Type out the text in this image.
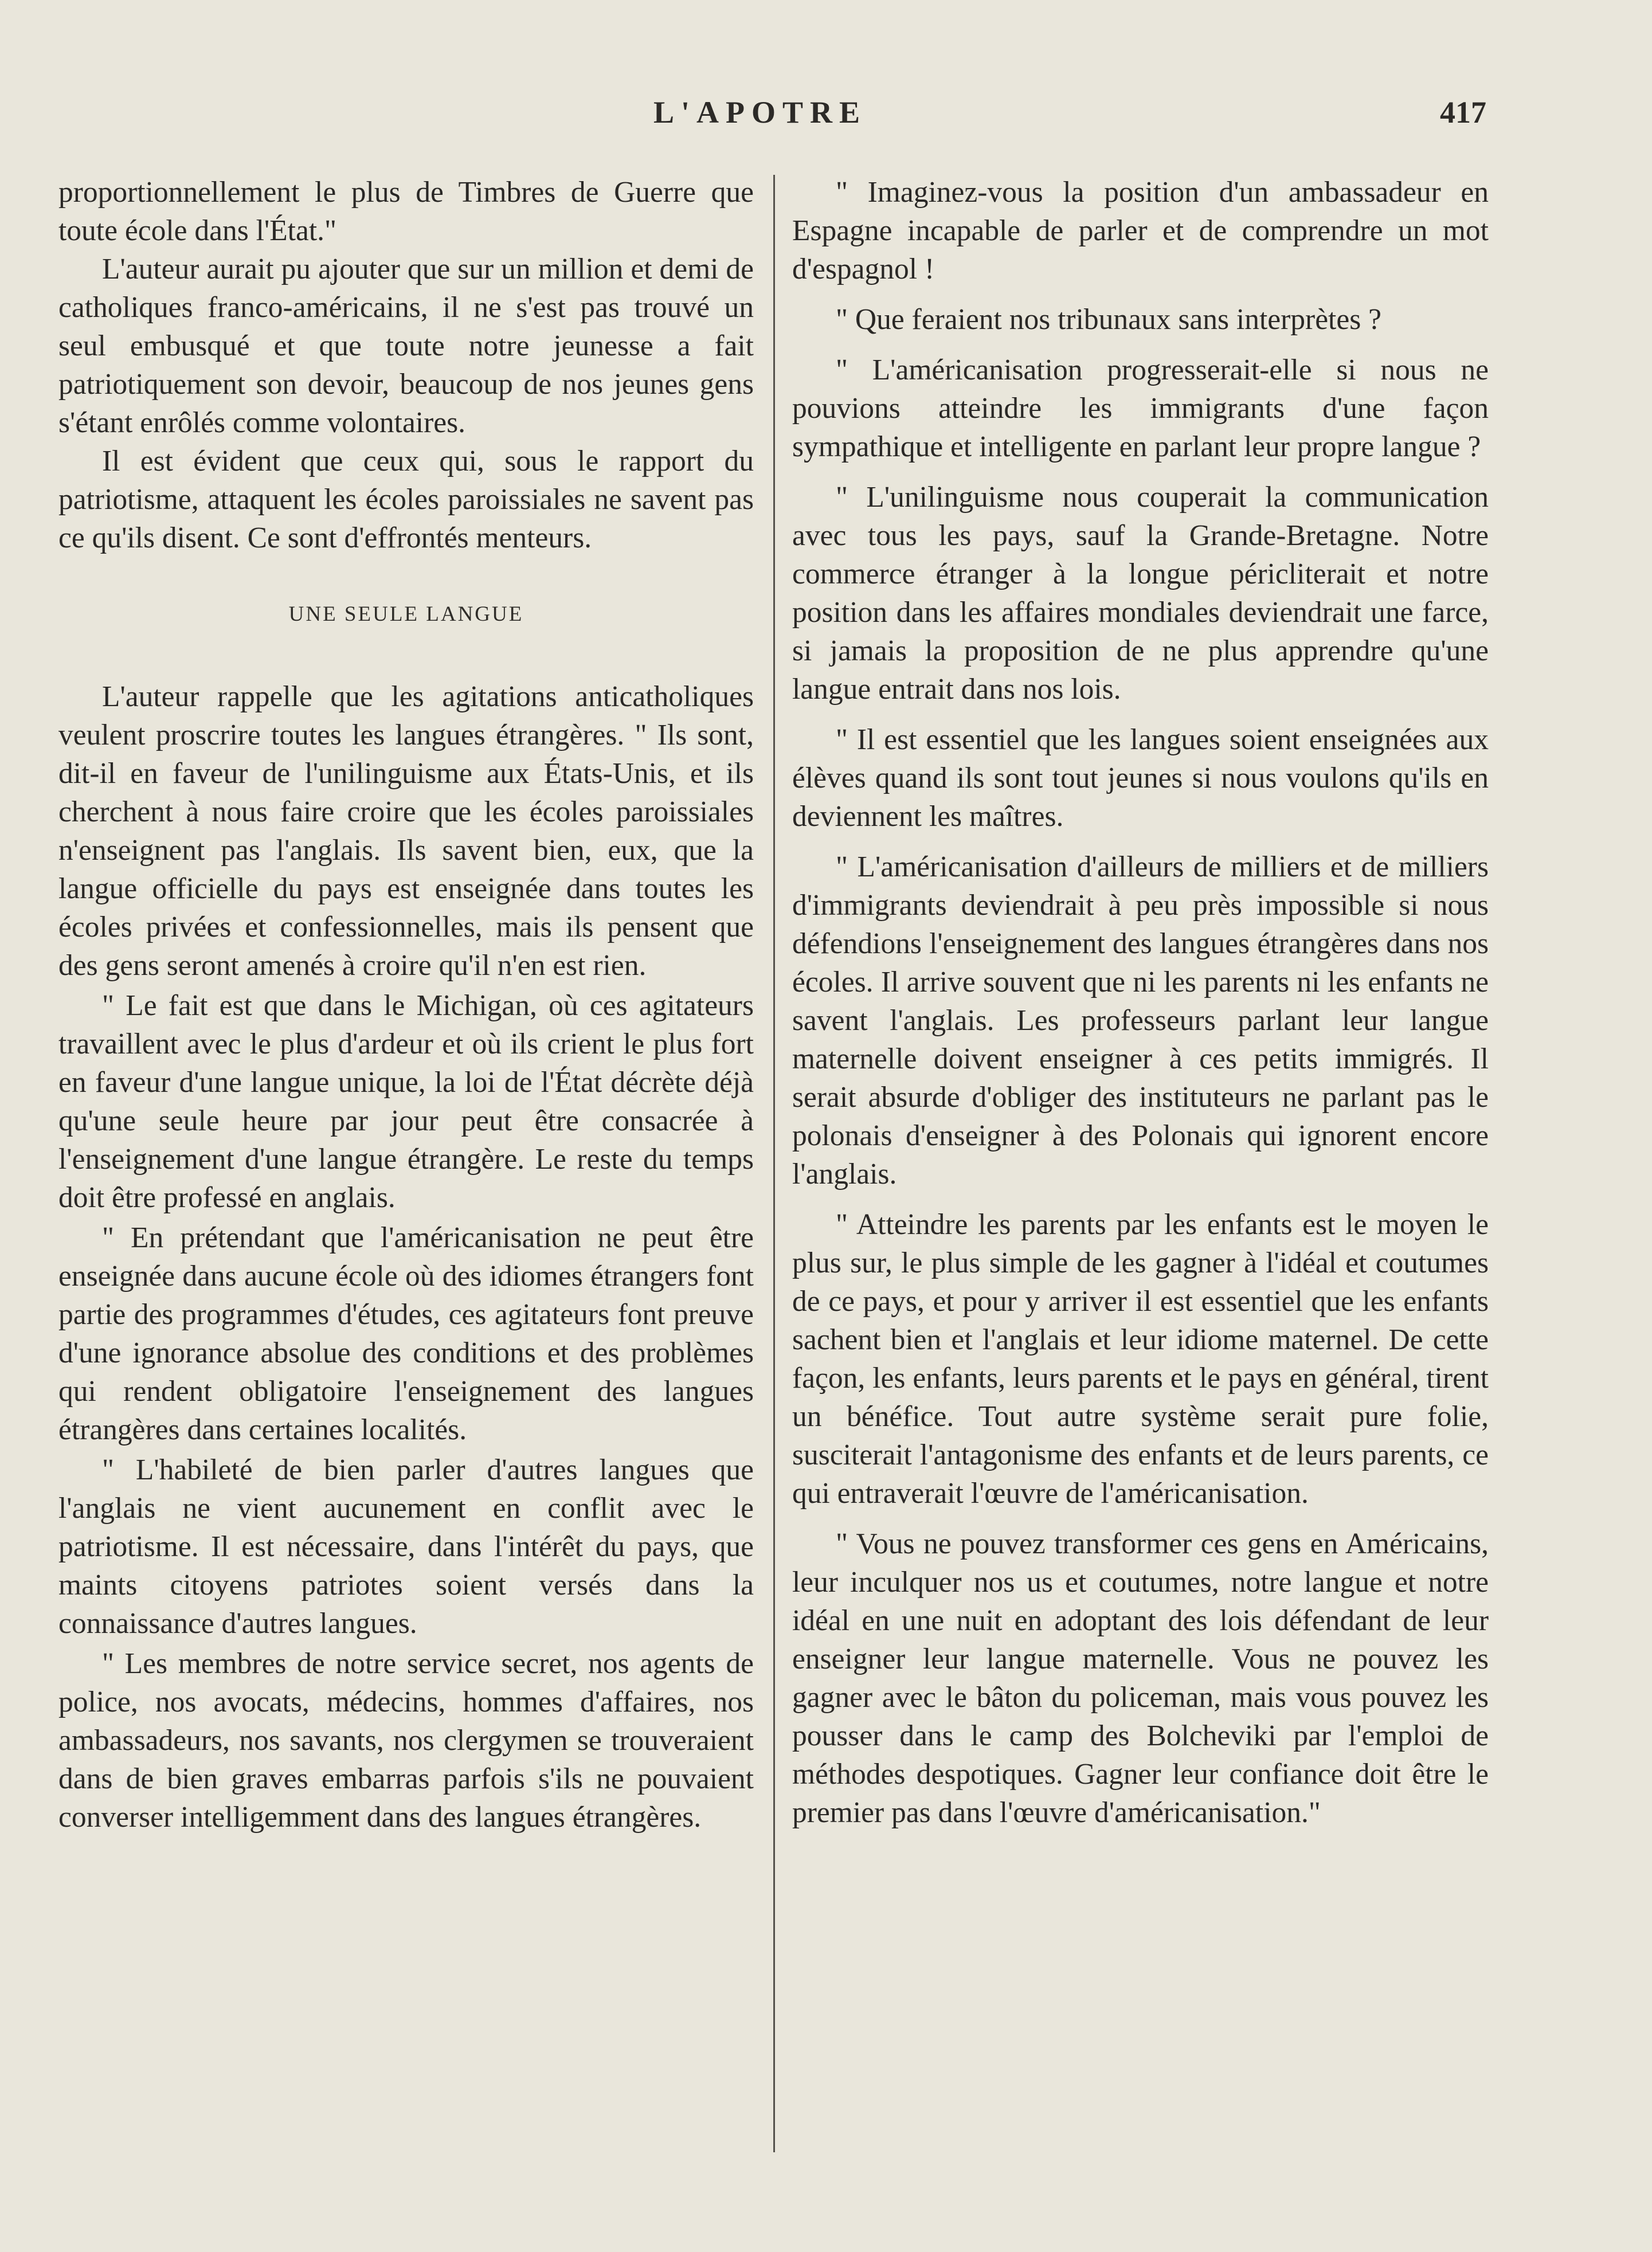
L'APOTRE	417

proportionnellement le plus de Timbres de Guerre que toute école dans l'État."

L'auteur aurait pu ajouter que sur un million et demi de catholiques franco-américains, il ne s'est pas trouvé un seul embusqué et que toute notre jeunesse a fait patriotiquement son devoir, beaucoup de nos jeunes gens s'étant enrôlés comme volontaires.

Il est évident que ceux qui, sous le rapport du patriotisme, attaquent les écoles paroissiales ne savent pas ce qu'ils disent. Ce sont d'effrontés menteurs.

UNE SEULE LANGUE

L'auteur rappelle que les agitations anticatholiques veulent proscrire toutes les langues étrangères. " Ils sont, dit-il en faveur de l'unilinguisme aux États-Unis, et ils cherchent à nous faire croire que les écoles paroissiales n'enseignent pas l'anglais. Ils savent bien, eux, que la langue officielle du pays est enseignée dans toutes les écoles privées et confessionnelles, mais ils pensent que des gens seront amenés à croire qu'il n'en est rien.

" Le fait est que dans le Michigan, où ces agitateurs travaillent avec le plus d'ardeur et où ils crient le plus fort en faveur d'une langue unique, la loi de l'État décrète déjà qu'une seule heure par jour peut être consacrée à l'enseignement d'une langue étrangère. Le reste du temps doit être professé en anglais.

" En prétendant que l'américanisation ne peut être enseignée dans aucune école où des idiomes étrangers font partie des programmes d'études, ces agitateurs font preuve d'une ignorance absolue des conditions et des problèmes qui rendent obligatoire l'enseignement des langues étrangères dans certaines localités.

" L'habileté de bien parler d'autres langues que l'anglais ne vient aucunement en conflit avec le patriotisme. Il est nécessaire, dans l'intérêt du pays, que maints citoyens patriotes soient versés dans la connaissance d'autres langues.

" Les membres de notre service secret, nos agents de police, nos avocats, médecins, hommes d'affaires, nos ambassadeurs, nos savants, nos clergymen se trouveraient dans de bien graves embarras parfois s'ils ne pouvaient converser intelligemment dans des langues étrangères.

" Imaginez-vous la position d'un ambassadeur en Espagne incapable de parler et de comprendre un mot d'espagnol !

" Que feraient nos tribunaux sans interprètes ?

" L'américanisation progresserait-elle si nous ne pouvions atteindre les immigrants d'une façon sympathique et intelligente en parlant leur propre langue ?

" L'unilinguisme nous couperait la communication avec tous les pays, sauf la Grande-Bretagne. Notre commerce étranger à la longue péricliterait et notre position dans les affaires mondiales deviendrait une farce, si jamais la proposition de ne plus apprendre qu'une langue entrait dans nos lois.

" Il est essentiel que les langues soient enseignées aux élèves quand ils sont tout jeunes si nous voulons qu'ils en deviennent les maîtres.

" L'américanisation d'ailleurs de milliers et de milliers d'immigrants deviendrait à peu près impossible si nous défendions l'enseignement des langues étrangères dans nos écoles. Il arrive souvent que ni les parents ni les enfants ne savent l'anglais. Les professeurs parlant leur langue maternelle doivent enseigner à ces petits immigrés. Il serait absurde d'obliger des instituteurs ne parlant pas le polonais d'enseigner à des Polonais qui ignorent encore l'anglais.

" Atteindre les parents par les enfants est le moyen le plus sur, le plus simple de les gagner à l'idéal et coutumes de ce pays, et pour y arriver il est essentiel que les enfants sachent bien et l'anglais et leur idiome maternel. De cette façon, les enfants, leurs parents et le pays en général, tirent un bénéfice. Tout autre système serait pure folie, susciterait l'antagonisme des enfants et de leurs parents, ce qui entraverait l'œuvre de l'américanisation.

" Vous ne pouvez transformer ces gens en Américains, leur inculquer nos us et coutumes, notre langue et notre idéal en une nuit en adoptant des lois défendant de leur enseigner leur langue maternelle. Vous ne pouvez les gagner avec le bâton du policeman, mais vous pouvez les pousser dans le camp des Bolcheviki par l'emploi de méthodes despotiques. Gagner leur confiance doit être le premier pas dans l'œuvre d'américanisation."
